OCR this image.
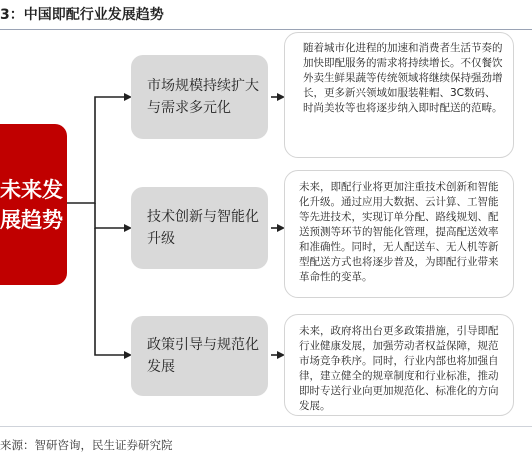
3：中国即配行业发展趋势
未来发
展趋势
市场规模持续扩大与需求多元化
技术创新与智能化升级
政策引导与规范化发展
随着城市化进程的加速和消费者生活节奏的加快即配服务的需求将持续增长。不仅餐饮外卖生鲜果蔬等传统领域将继续保持强劲增长，更多新兴领域如服装鞋帽、3C数码、时尚美妆等也将逐步纳入即时配送的范畴。
未来，即配行业将更加注重技术创新和智能化升级。通过应用大数据、云计算、工智能等先进技术，实现订单分配、路线规划、配送预测等环节的智能化管理，提高配送效率和准确性。同时，无人配送车、无人机等新型配送方式也将逐步普及，为即配行业带来革命性的变革。
未来，政府将出台更多政策措施，引导即配行业健康发展，加强劳动者权益保障，规范市场竞争秩序。同时，行业内部也将加强自律，建立健全的规章制度和行业标准，推动即时专送行业向更加规范化、标准化的方向发展。
来源：智研咨询，民生证券研究院
